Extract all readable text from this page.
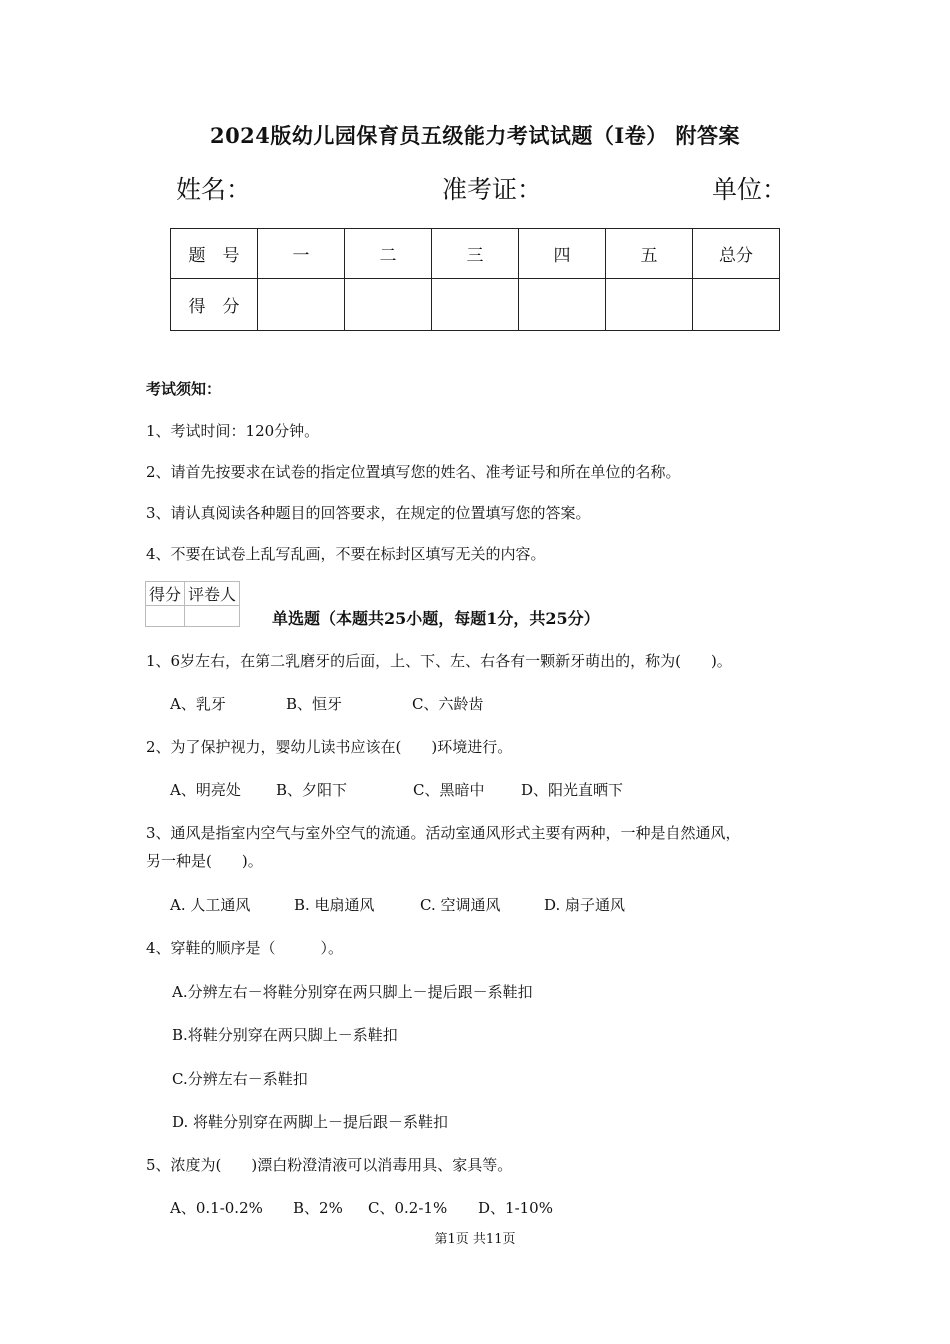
2024版幼儿园保育员五级能力考试试题（I卷） 附答案
姓名：	准考证：	单位：
题　号	一	二	三	四	五	总分
得　分						
考试须知：
1、考试时间：120分钟。
2、请首先按要求在试卷的指定位置填写您的姓名、准考证号和所在单位的名称。
3、请认真阅读各种题目的回答要求，在规定的位置填写您的答案。
4、不要在试卷上乱写乱画，不要在标封区填写无关的内容。
得分	评卷人

单选题（本题共25小题，每题1分，共25分）
1、6岁左右，在第二乳磨牙的后面，上、下、左、右各有一颗新牙萌出的，称为(　　)。
A、乳牙	B、恒牙	C、六龄齿
2、为了保护视力，婴幼儿读书应该在(　　)环境进行。
A、明亮处 B、夕阳下	C、黑暗中 D、阳光直晒下
3、通风是指室内空气与室外空气的流通。活动室通风形式主要有两种，一种是自然通风，
另一种是(　　)。
A. 人工通风	B. 电扇通风	C. 空调通风	D. 扇子通风
4、穿鞋的顺序是（　　　）。
A.分辨左右－将鞋分别穿在两只脚上－提后跟－系鞋扣
B.将鞋分别穿在两只脚上－系鞋扣
C.分辨左右－系鞋扣
D. 将鞋分别穿在两脚上－提后跟－系鞋扣
5、浓度为(　　)漂白粉澄清液可以消毒用具、家具等。
A、0.1-0.2% B、2% C、0.2-1% D、1-10%
第1页 共11页
